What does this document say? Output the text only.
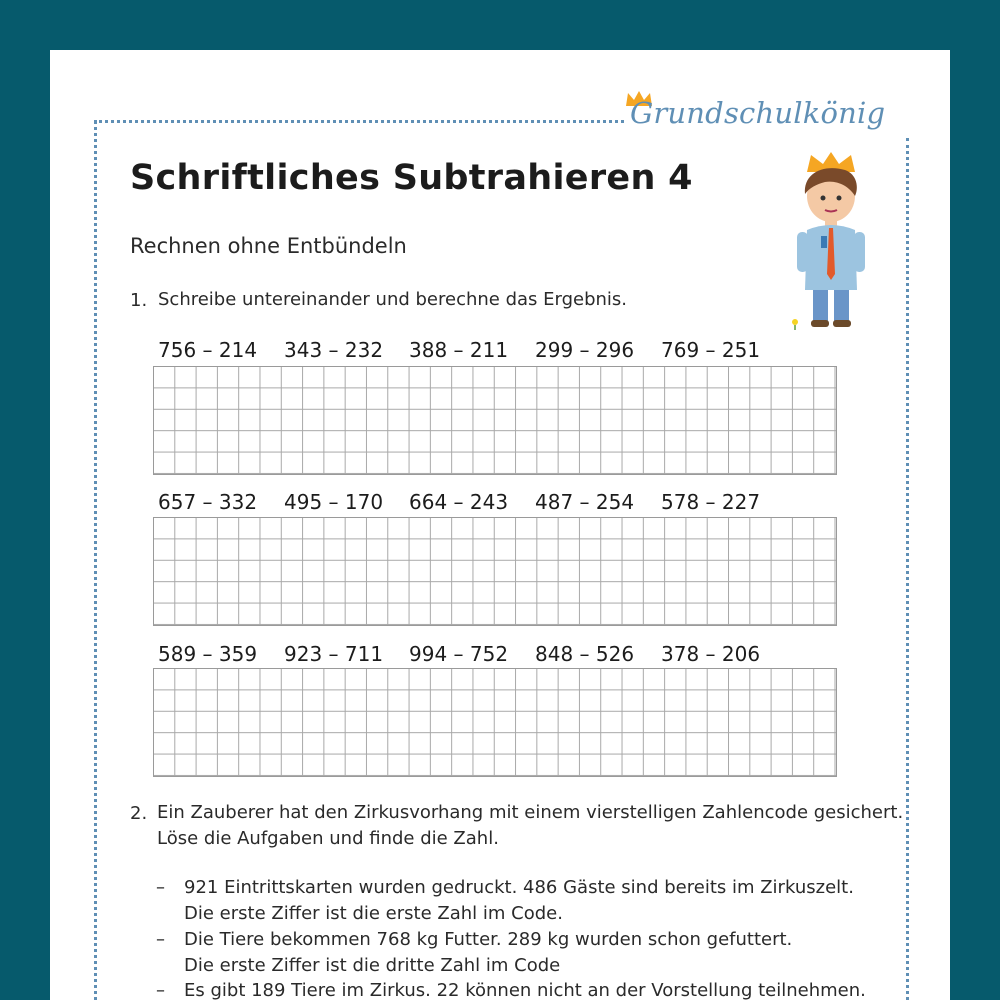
Grundschulkönig
Schriftliches Subtrahieren 4
Rechnen ohne Entbündeln
1. Schreibe untereinander und berechne das Ergebnis.
756 – 214 343 – 232 388 – 211 299 – 296 769 – 251
657 – 332 495 – 170 664 – 243 487 – 254 578 – 227
589 – 359 923 – 711 994 – 752 848 – 526 378 – 206
2. Ein Zauberer hat den Zirkusvorhang mit einem vierstelligen Zahlencode gesichert.
Löse die Aufgaben und finde die Zahl.
– 921 Eintrittskarten wurden gedruckt. 486 Gäste sind bereits im Zirkuszelt.
Die erste Ziffer ist die erste Zahl im Code.
– Die Tiere bekommen 768 kg Futter. 289 kg wurden schon gefuttert.
Die erste Ziffer ist die dritte Zahl im Code
– Es gibt 189 Tiere im Zirkus. 22 können nicht an der Vorstellung teilnehmen.
